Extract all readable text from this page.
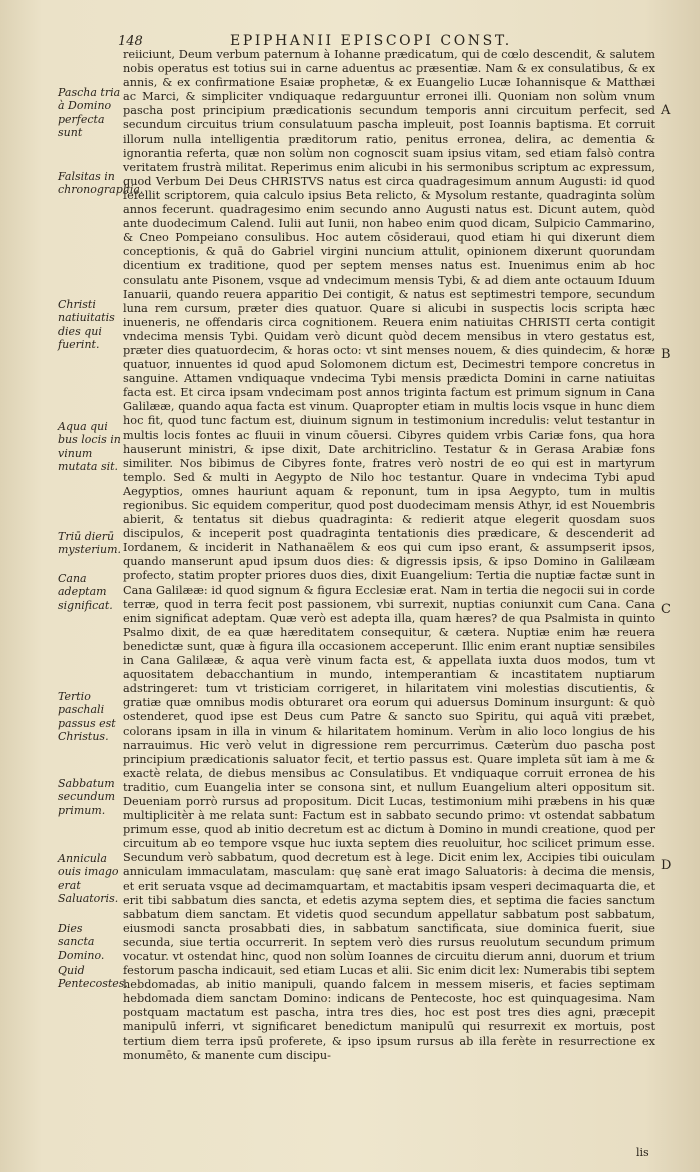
148	EPIPHANII EPISCOPI CONST.
Pascha tria à Domino perfecta sunt
Falsitas in chronographia.
Christi natiuitatis dies qui fuerint.
Aqua qui bus locis in vinum mutata sit.
Triū dierū mysterium.
Cana adeptam significat.
Tertio paschali passus est Christus.
Sabbatum secundum primum.
Annicula ouis imago erat Saluatoris.
Dies sancta Domino.
Quid Pentecostes.

reiiciunt, Deum verbum paternum à Iohanne prædicatum, qui de cœlo descendit, & salutem nobis operatus est totius sui in carne aduentus ac præsentiæ. Nam & ex consulatibus, & ex annis, & ex confirmatione Esaiæ prophetæ, & ex Euangelio Lucæ Iohannisque & Matthæi ac Marci, & simpliciter vndiquaque redarguuntur erronei illi. Quoniam non solùm vnum pascha post principium prædicationis secundum temporis anni circuitum perfecit, sed secundum circuitus trium consulatuum pascha impleuit, post Ioannis baptisma. Et corruit illorum nulla intelligentia præditorum ratio, penitus erronea, delira, ac dementia & ignorantia referta, quæ non solùm non cognoscit suam ipsius vitam, sed etiam falsò contra veritatem frustrà militat. Reperimus enim alicubi in his sermonibus scriptum ac expressum, quod Verbum Dei Deus CHRISTVS natus est circa quadragesimum annum Augusti: id quod fefellit scriptorem, quia calculo ipsius Beta relicto, & Mysolum restante, quadraginta solùm annos fecerunt. quadragesimo enim secundo anno Augusti natus est. Dicunt autem, quòd ante duodecimum Calend. Iulii aut Iunii, non habeo enim quod dicam, Sulpicio Cammarino, & Cneo Pompeiano consulibus. Hoc autem cōsideraui, quod etiam hi qui dixerunt diem conceptionis, & quā do Gabriel virgini nuncium attulit, opinionem dixerunt quorundam dicentium ex traditione, quod per septem menses natus est. Inuenimus enim ab hoc consulatu ante Pisonem, vsque ad vndecimum mensis Tybi, & ad diem ante octauum Iduum Ianuarii, quando reuera apparitio Dei contigit, & natus est septimestri tempore, secundum luna rem cursum, præter dies quatuor. Quare si alicubi in suspectis locis scripta hæc inueneris, ne offendaris circa cognitionem. Reuera enim natiuitas CHRISTI certa contigit vndecima mensis Tybi. Quidam verò dicunt quòd decem mensibus in vtero gestatus est, præter dies quatuordecim, & horas octo: vt sint menses nouem, & dies quindecim, & horæ quatuor, innuentes id quod apud Solomonem dictum est, Decimestri tempore concretus in sanguine. Attamen vndiquaque vndecima Tybi mensis prædicta Domini in carne natiuitas facta est. Et circa ipsam vndecimam post annos triginta factum est primum signum in Cana Galilææ, quando aqua facta est vinum. Quapropter etiam in multis locis vsque in hunc diem hoc fit, quod tunc factum est, diuinum signum in testimonium incredulis: velut testantur in multis locis fontes ac fluuii in vinum cōuersi. Cibyres quidem vrbis Cariæ fons, qua hora hauserunt ministri, & ipse dixit, Date architriclino. Testatur & in Gerasa Arabiæ fons similiter. Nos bibimus de Cibyres fonte, fratres verò nostri de eo qui est in martyrum templo. Sed & multi in Aegypto de Nilo hoc testantur. Quare in vndecima Tybi apud Aegyptios, omnes hauriunt aquam & reponunt, tum in ipsa Aegypto, tum in multis regionibus. Sic equidem comperitur, quod post duodecimam mensis Athyr, id est Nouembris abierit, & tentatus sit diebus quadraginta: & redierit atque elegerit quosdam suos discipulos, & inceperit post quadraginta tentationis dies prædicare, & descenderit ad Iordanem, & inciderit in Nathanaëlem & eos qui cum ipso erant, & assumpserit ipsos, quando manserunt apud ipsum duos dies: & digressis ipsis, & ipso Domino in Galilæam profecto, statim propter priores duos dies, dixit Euangelium: Tertia die nuptiæ factæ sunt in Cana Galilææ: id quod signum & figura Ecclesiæ erat. Nam in tertia die negocii sui in corde terræ, quod in terra fecit post passionem, vbi surrexit, nuptias coniunxit cum Cana. Cana enim significat adeptam. Quæ verò est adepta illa, quam hæres? de qua Psalmista in quinto Psalmo dixit, de ea quæ hæreditatem consequitur, & cætera. Nuptiæ enim hæ reuera benedictæ sunt, quæ à figura illa occasionem acceperunt. Illic enim erant nuptiæ sensibiles in Cana Galilææ, & aqua verè vinum facta est, & appellata iuxta duos modos, tum vt aquositatem debacchantium in mundo, intemperantiam & incastitatem nuptiarum adstringeret: tum vt tristiciam corrigeret, in hilaritatem vini molestias discutientis, & gratiæ quæ omnibus modis obturaret ora eorum qui aduersus Dominum insurgunt: & quò ostenderet, quod ipse est Deus cum Patre & sancto suo Spiritu, qui aquā viti præbet, colorans ipsam in illa in vinum & hilaritatem hominum. Verùm in alio loco longius de his narrauimus. Hic verò velut in digressione rem percurrimus. Cæterùm duo pascha post principium prædicationis saluator fecit, et tertio passus est. Quare impleta sūt iam à me & exactè relata, de diebus mensibus ac Consulatibus. Et vndiquaque corruit erronea de his traditio, cum Euangelia inter se consona sint, et nullum Euangelium alteri oppositum sit. Deueniam porrò rursus ad propositum. Dicit Lucas, testimonium mihi præbens in his quæ multiplicitèr à me relata sunt: Factum est in sabbato secundo primo: vt ostendat sabbatum primum esse, quod ab initio decretum est ac dictum à Domino in mundi creatione, quod per circuitum ab eo tempore vsque huc iuxta septem dies reuoluitur, hoc scilicet primum esse. Secundum verò sabbatum, quod decretum est à lege. Dicit enim lex, Accipies tibi ouiculam anniculam immaculatam, masculam: quę sanè erat imago Saluatoris: à decima die mensis, et erit seruata vsque ad decimamquartam, et mactabitis ipsam vesperi decimaquarta die, et erit tibi sabbatum dies sancta, et edetis azyma septem dies, et septima die facies sanctum sabbatum diem sanctam. Et videtis quod secundum appellatur sabbatum post sabbatum, eiusmodi sancta prosabbati dies, in sabbatum sanctificata, siue dominica fuerit, siue secunda, siue tertia occurrerit. In septem verò dies rursus reuolutum secundum primum vocatur. vt ostendat hinc, quod non solùm Ioannes de circuitu dierum anni, duorum et trium festorum pascha indicauit, sed etiam Lucas et alii. Sic enim dicit lex: Numerabis tibi septem hebdomadas, ab initio manipuli, quando falcem in messem miseris, et facies septimam hebdomada diem sanctam Domino: indicans de Pentecoste, hoc est quinquagesima. Nam postquam mactatum est pascha, intra tres dies, hoc est post tres dies agni, præcepit manipulū inferri, vt significaret benedictum manipulū qui resurrexit ex mortuis, post tertium diem terra ipsū proferete, & ipso ipsum rursus ab illa ferète in resurrectione ex monumēto, & manente cum discipu-

A
B
C
D
lis
